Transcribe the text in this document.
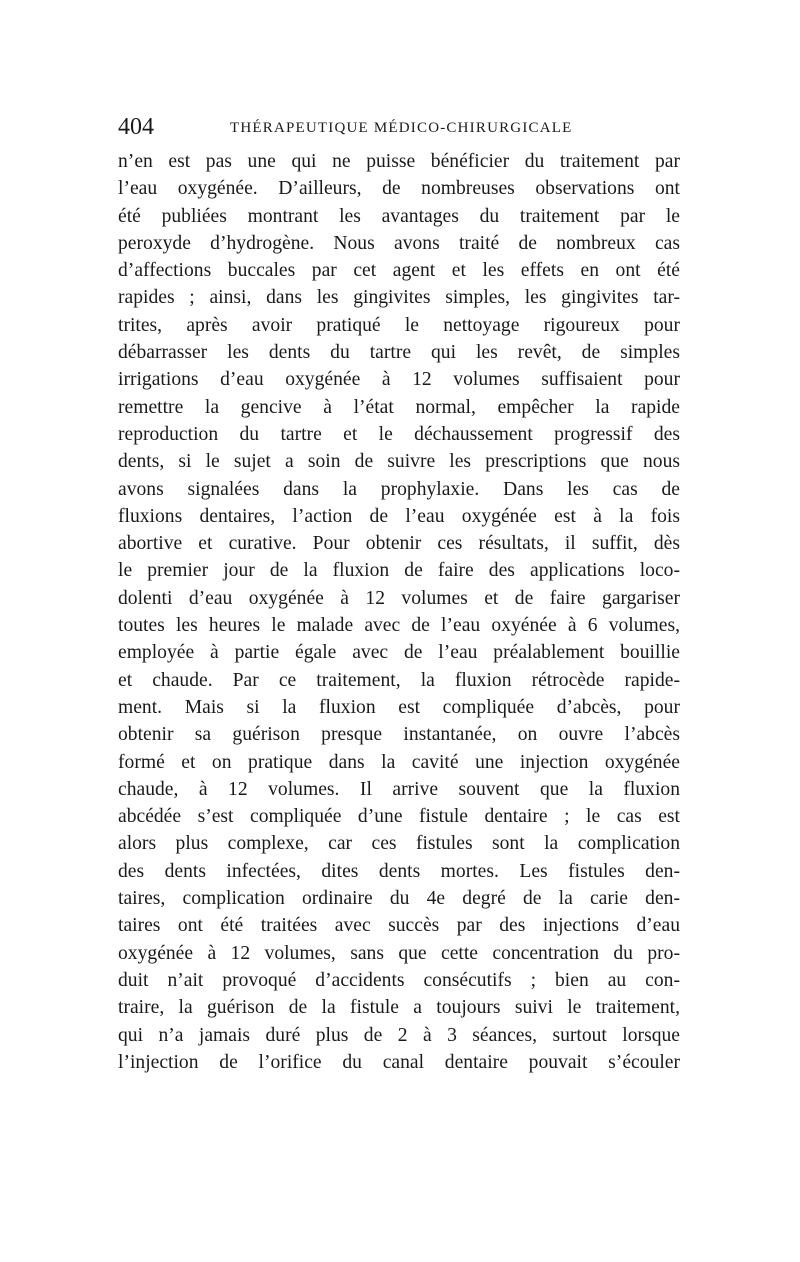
404	THÉRAPEUTIQUE MÉDICO-CHIRURGICALE
n’en est pas une qui ne puisse bénéficier du traitement par
l’eau oxygénée. D’ailleurs, de nombreuses observations ont
été publiées montrant les avantages du traitement par le
peroxyde d’hydrogène. Nous avons traité de nombreux cas
d’affections buccales par cet agent et les effets en ont été
rapides ; ainsi, dans les gingivites simples, les gingivites tar-
trites, après avoir pratiqué le nettoyage rigoureux pour
débarrasser les dents du tartre qui les revêt, de simples
irrigations d’eau oxygénée à 12 volumes suffisaient pour
remettre la gencive à l’état normal, empêcher la rapide
reproduction du tartre et le déchaussement progressif des
dents, si le sujet a soin de suivre les prescriptions que nous
avons signalées dans la prophylaxie. Dans les cas de
fluxions dentaires, l’action de l’eau oxygénée est à la fois
abortive et curative. Pour obtenir ces résultats, il suffit, dès
le premier jour de la fluxion de faire des applications loco-
dolenti d’eau oxygénée à 12 volumes et de faire gargariser
toutes les heures le malade avec de l’eau oxyénée à 6 volumes,
employée à partie égale avec de l’eau préalablement bouillie
et chaude. Par ce traitement, la fluxion rétrocède rapide-
ment. Mais si la fluxion est compliquée d’abcès, pour
obtenir sa guérison presque instantanée, on ouvre l’abcès
formé et on pratique dans la cavité une injection oxygénée
chaude, à 12 volumes. Il arrive souvent que la fluxion
abcédée s’est compliquée d’une fistule dentaire ; le cas est
alors plus complexe, car ces fistules sont la complication
des dents infectées, dites dents mortes. Les fistules den-
taires, complication ordinaire du 4e degré de la carie den-
taires ont été traitées avec succès par des injections d’eau
oxygénée à 12 volumes, sans que cette concentration du pro-
duit n’ait provoqué d’accidents consécutifs ; bien au con-
traire, la guérison de la fistule a toujours suivi le traitement,
qui n’a jamais duré plus de 2 à 3 séances, surtout lorsque
l’injection de l’orifice du canal dentaire pouvait s’écouler
